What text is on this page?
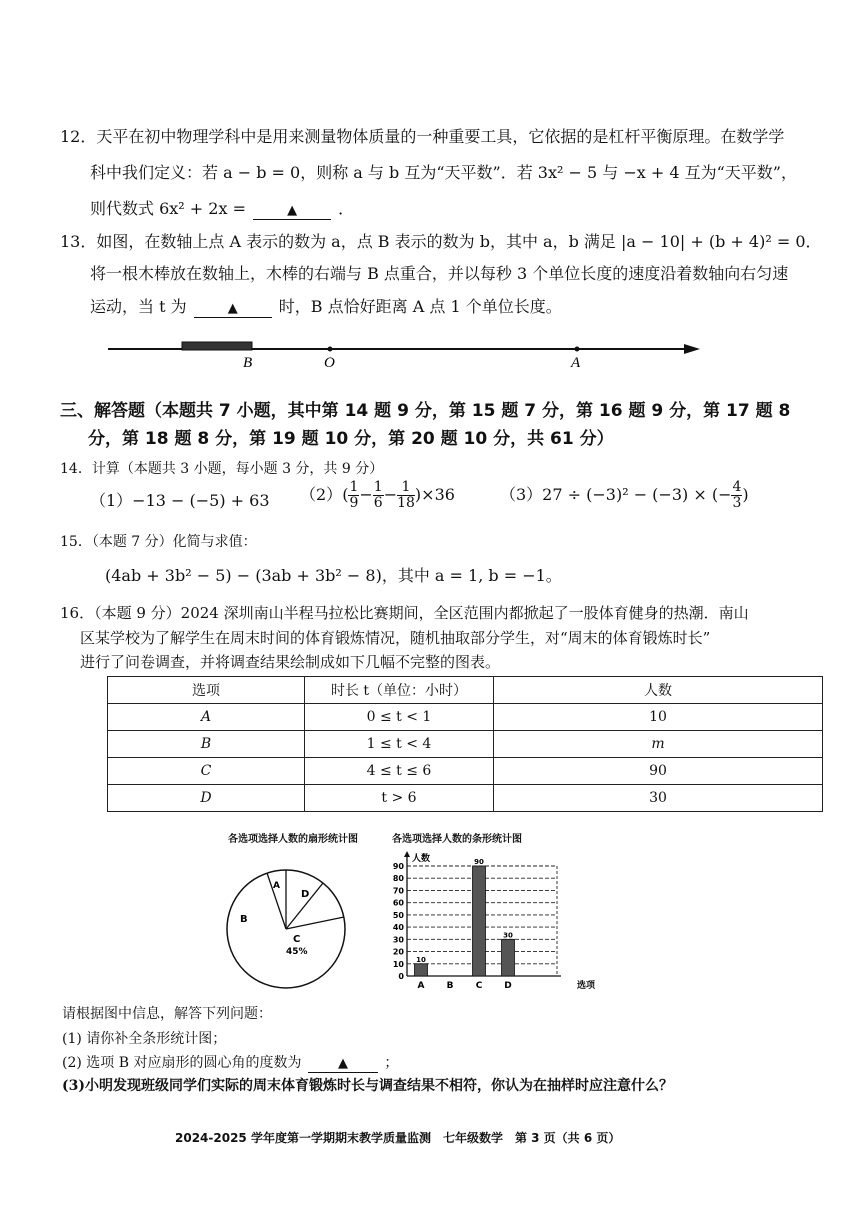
12．天平在初中物理学科中是用来测量物体质量的一种重要工具，它依据的是杠杆平衡原理。在数学学
科中我们定义：若 a − b = 0，则称 a 与 b 互为“天平数”．若 3x² − 5 与 −x + 4 互为“天平数”，
则代数式 6x² + 2x =	▲	．
13．如图，在数轴上点 A 表示的数为 a，点 B 表示的数为 b，其中 a，b 满足 |a − 10| + (b + 4)² = 0．
将一根木棒放在数轴上，木棒的右端与 B 点重合，并以每秒 3 个单位长度的速度沿着数轴向右匀速
运动，当 t 为	▲	时，B 点恰好距离 A 点 1 个单位长度。
B	O	A
三、解答题（本题共 7 小题，其中第 14 题 9 分，第 15 题 7 分，第 16 题 9 分，第 17 题 8
分，第 18 题 8 分，第 19 题 10 分，第 20 题 10 分，共 61 分）
14．计算（本题共 3 小题，每小题 3 分，共 9 分）
（1）−13 − (−5) + 63 $(2)( \frac{1}{9} - \frac{1}{6} - \frac{1}{18} )\times 36$	（3）27 ÷ (−3)² − (−3) × (− $\frac{4}{3}$ )
15．（本题 7 分）化简与求值：
(4ab + 3b² − 5) − (3ab + 3b² − 8)，其中 a = 1, b = −1。
16．（本题 9 分）2024 深圳南山半程马拉松比赛期间，全区范围内都掀起了一股体育健身的热潮．南山
区某学校为了解学生在周末时间的体育锻炼情况，随机抽取部分学生，对“周末的体育锻炼时长”
进行了问卷调查，并将调查结果绘制成如下几幅不完整的图表。
选项	时长 t（单位：小时）	人数
A	0 ≤ t < 1	10
B	1 ≤ t < 4	m
C	4 ≤ t ≤ 6	90
D	t > 6	30
各选项选择人数的扇形统计图	各选项选择人数的条形统计图
A
D
B
C
45%
0
10
20
30
40
50
60
70
80
90
人数
选项
10
A B
90
C
30
D
请根据图中信息，解答下列问题：
(1) 请你补全条形统计图；
(2) 选项 B 对应扇形的圆心角的度数为	▲	；
(3)小明发现班级同学们实际的周末体育锻炼时长与调查结果不相符，你认为在抽样时应注意什么？
2024-2025 学年度第一学期期末教学质量监测　七年级数学　第 3 页（共 6 页）
